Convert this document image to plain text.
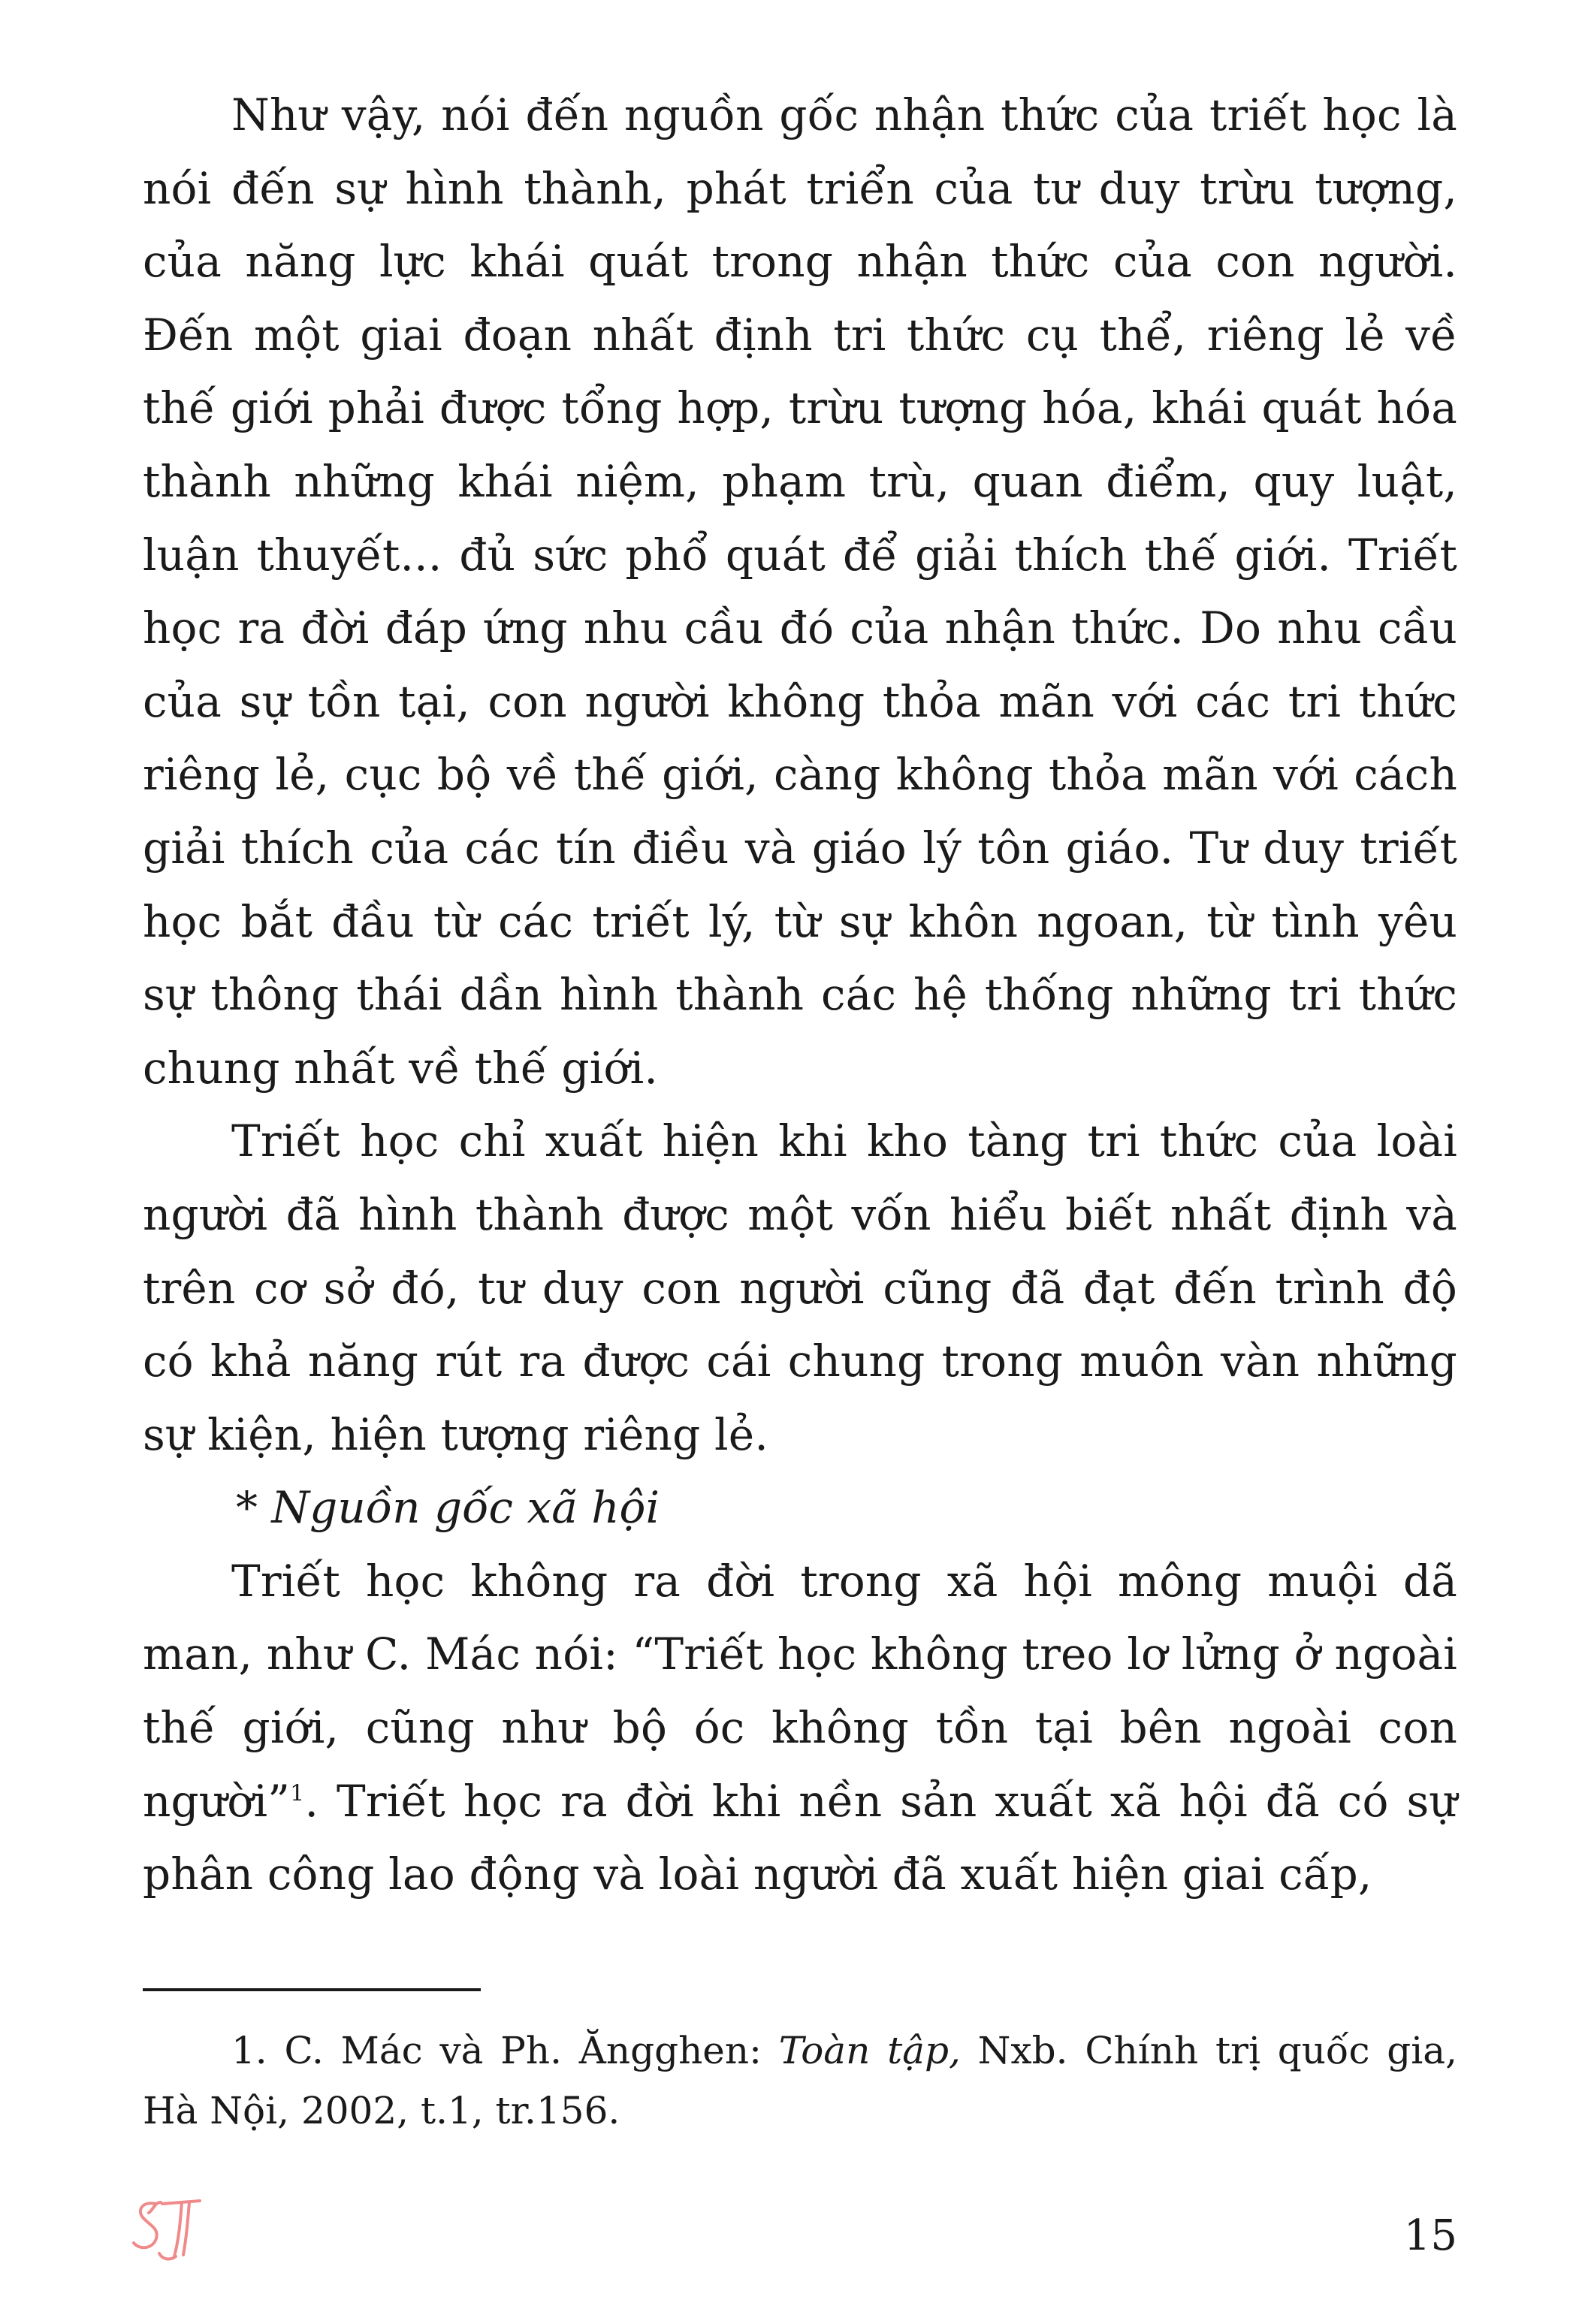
Như vậy, nói đến nguồn gốc nhận thức của triết học là nói đến sự hình thành, phát triển của tư duy trừu tượng, của năng lực khái quát trong nhận thức của con người. Đến một giai đoạn nhất định tri thức cụ thể, riêng lẻ về thế giới phải được tổng hợp, trừu tượng hóa, khái quát hóa thành những khái niệm, phạm trù, quan điểm, quy luật, luận thuyết... đủ sức phổ quát để giải thích thế giới. Triết học ra đời đáp ứng nhu cầu đó của nhận thức. Do nhu cầu của sự tồn tại, con người không thỏa mãn với các tri thức riêng lẻ, cục bộ về thế giới, càng không thỏa mãn với cách giải thích của các tín điều và giáo lý tôn giáo. Tư duy triết học bắt đầu từ các triết lý, từ sự khôn ngoan, từ tình yêu sự thông thái dần hình thành các hệ thống những tri thức chung nhất về thế giới.

Triết học chỉ xuất hiện khi kho tàng tri thức của loài người đã hình thành được một vốn hiểu biết nhất định và trên cơ sở đó, tư duy con người cũng đã đạt đến trình độ có khả năng rút ra được cái chung trong muôn vàn những sự kiện, hiện tượng riêng lẻ.

* Nguồn gốc xã hội

Triết học không ra đời trong xã hội mông muội dã man, như C. Mác nói: “Triết học không treo lơ lửng ở ngoài thế giới, cũng như bộ óc không tồn tại bên ngoài con người”$^1$. Triết học ra đời khi nền sản xuất xã hội đã có sự phân công lao động và loài người đã xuất hiện giai cấp,

1. C. Mác và Ph. Ăngghen: Toàn tập, Nxb. Chính trị quốc gia, Hà Nội, 2002, t.1, tr.156.

15
